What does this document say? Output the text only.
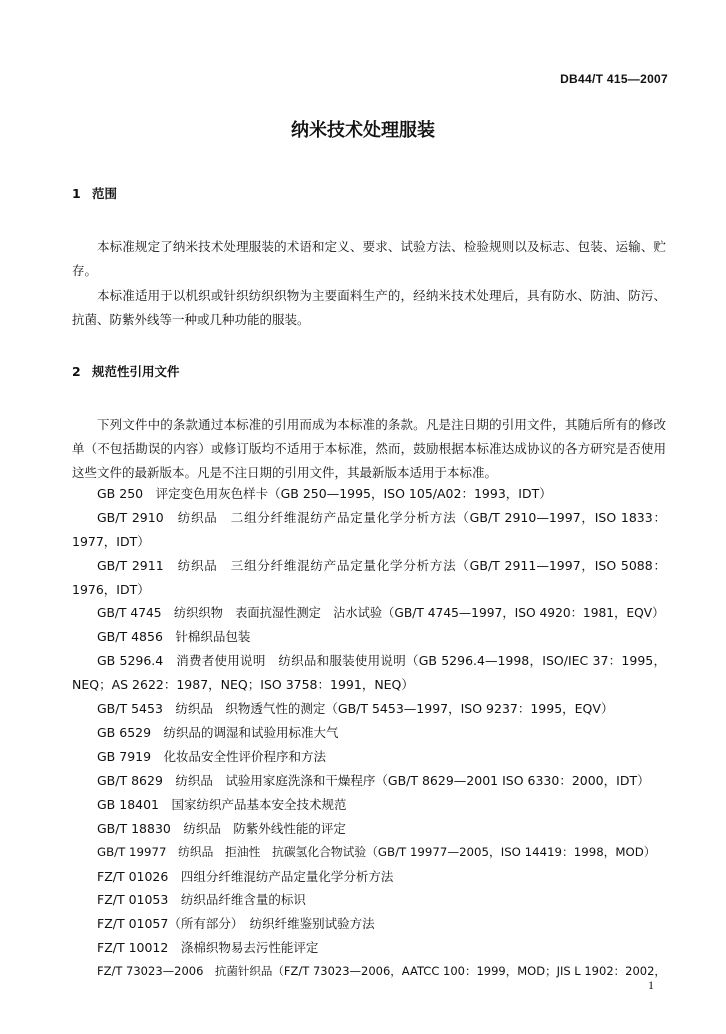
DB44/T 415—2007
纳米技术处理服装
1 范围
本标准规定了纳米技术处理服装的术语和定义、要求、试验方法、检验规则以及标志、包装、运输、贮存。
本标准适用于以机织或针织纺织织物为主要面料生产的，经纳米技术处理后，具有防水、防油、防污、抗菌、防紫外线等一种或几种功能的服装。
2 规范性引用文件
下列文件中的条款通过本标准的引用而成为本标准的条款。凡是注日期的引用文件，其随后所有的修改单（不包括勘误的内容）或修订版均不适用于本标准，然而，鼓励根据本标准达成协议的各方研究是否使用这些文件的最新版本。凡是不注日期的引用文件，其最新版本适用于本标准。
GB 250　评定变色用灰色样卡（GB 250—1995，ISO 105/A02：1993，IDT）
GB/T 2910　纺织品　二组分纤维混纺产品定量化学分析方法（GB/T 2910—1997，ISO 1833：1977，IDT）
GB/T 2911　纺织品　三组分纤维混纺产品定量化学分析方法（GB/T 2911—1997，ISO 5088：1976，IDT）
GB/T 4745　纺织织物　表面抗湿性测定　沾水试验（GB/T 4745—1997，ISO 4920：1981，EQV）
GB/T 4856　针棉织品包装
GB 5296.4　消费者使用说明　纺织品和服装使用说明（GB 5296.4—1998，ISO/IEC 37：1995，NEQ；AS 2622：1987，NEQ；ISO 3758：1991，NEQ）
GB/T 5453　纺织品　织物透气性的测定（GB/T 5453—1997，ISO 9237：1995，EQV）
GB 6529　纺织品的调湿和试验用标准大气
GB 7919　化妆品安全性评价程序和方法
GB/T 8629　纺织品　试验用家庭洗涤和干燥程序（GB/T 8629—2001 ISO 6330：2000，IDT）
GB 18401　国家纺织产品基本安全技术规范
GB/T 18830　纺织品　防紫外线性能的评定
GB/T 19977　纺织品　拒油性　抗碳氢化合物试验（GB/T 19977—2005，ISO 14419：1998，MOD）
FZ/T 01026　四组分纤维混纺产品定量化学分析方法
FZ/T 01053　纺织品纤维含量的标识
FZ/T 01057（所有部分）　纺织纤维鉴别试验方法
FZ/T 10012　涤棉织物易去污性能评定
FZ/T 73023—2006　抗菌针织品（FZ/T 73023—2006，AATCC 100：1999，MOD；JIS L 1902：2002，
1
